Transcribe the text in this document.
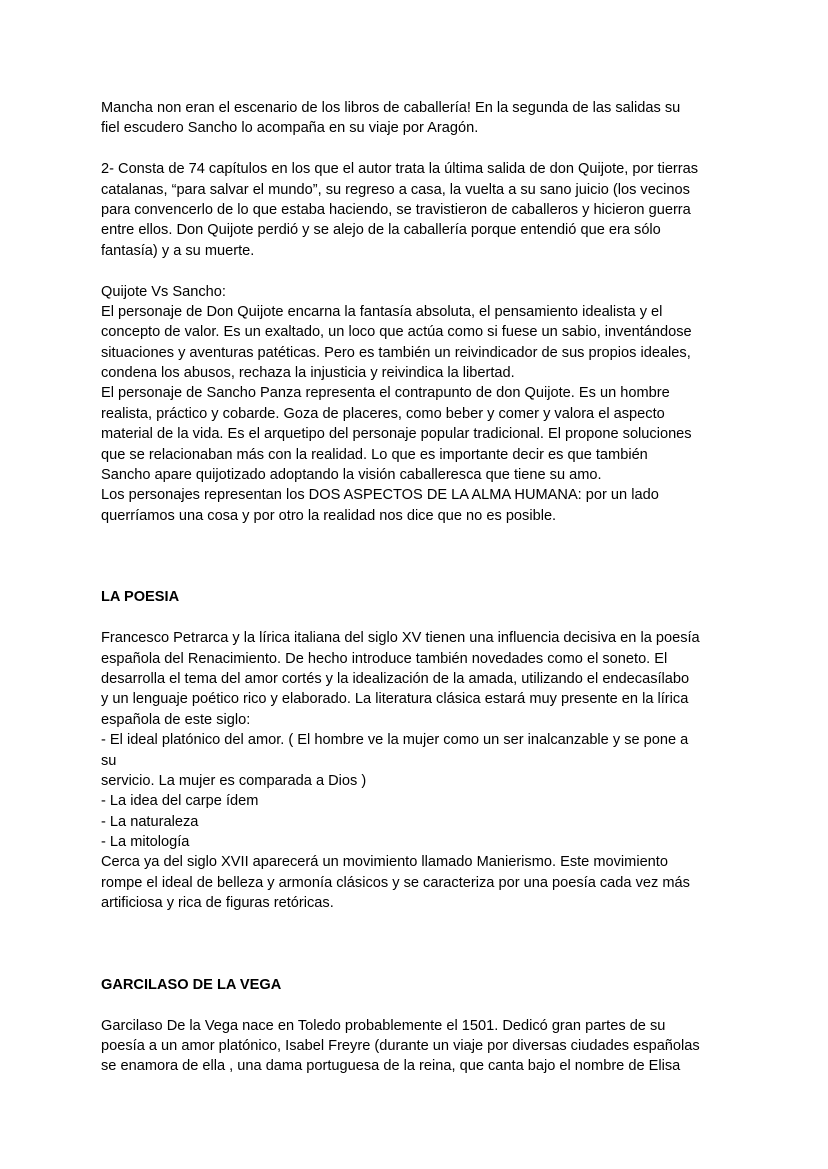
Mancha non eran el escenario de los libros de caballería! En la segunda de las salidas su
fiel escudero Sancho lo acompaña en su viaje por Aragón.
2- Consta de 74 capítulos en los que el autor trata la última salida de don Quijote, por tierras
catalanas, “para salvar el mundo”, su regreso a casa, la vuelta a su sano juicio (los vecinos
para convencerlo de lo que estaba haciendo, se travistieron de caballeros y hicieron guerra
entre ellos. Don Quijote perdió y se alejo de la caballería porque entendió que era sólo
fantasía) y a su muerte.
Quijote Vs Sancho:
El personaje de Don Quijote encarna la fantasía absoluta, el pensamiento idealista y el
concepto de valor. Es un exaltado, un loco que actúa como si fuese un sabio, inventándose
situaciones y aventuras patéticas. Pero es también un reivindicador de sus propios ideales,
condena los abusos, rechaza la injusticia y reivindica la libertad.
El personaje de Sancho Panza representa el contrapunto de don Quijote. Es un hombre
realista, práctico y cobarde. Goza de placeres, como beber y comer y valora el aspecto
material de la vida. Es el arquetipo del personaje popular tradicional. El propone soluciones
que se relacionaban más con la realidad. Lo que es importante decir es que también
Sancho apare quijotizado adoptando la visión caballeresca que tiene su amo.
Los personajes representan los DOS ASPECTOS DE LA ALMA HUMANA: por un lado
querríamos una cosa y por otro la realidad nos dice que no es posible.
LA POESIA
Francesco Petrarca y la lírica italiana del siglo XV tienen una influencia decisiva en la poesía
española del Renacimiento. De hecho introduce también novedades como el soneto. El
desarrolla el tema del amor cortés y la idealización de la amada, utilizando el endecasílabo
y un lenguaje poético rico y elaborado. La literatura clásica estará muy presente en la lírica
española de este siglo:
- El ideal platónico del amor. ( El hombre ve la mujer como un ser inalcanzable y se pone a
su
servicio. La mujer es comparada a Dios )
- La idea del carpe ídem
- La naturaleza
- La mitología
Cerca ya del siglo XVII aparecerá un movimiento llamado Manierismo. Este movimiento
rompe el ideal de belleza y armonía clásicos y se caracteriza por una poesía cada vez más
artificiosa y rica de figuras retóricas.
GARCILASO DE LA VEGA
Garcilaso De la Vega nace en Toledo probablemente el 1501. Dedicó gran partes de su
poesía a un amor platónico, Isabel Freyre (durante un viaje por diversas ciudades españolas
se enamora de ella , una dama portuguesa de la reina, que canta bajo el nombre de Elisa
